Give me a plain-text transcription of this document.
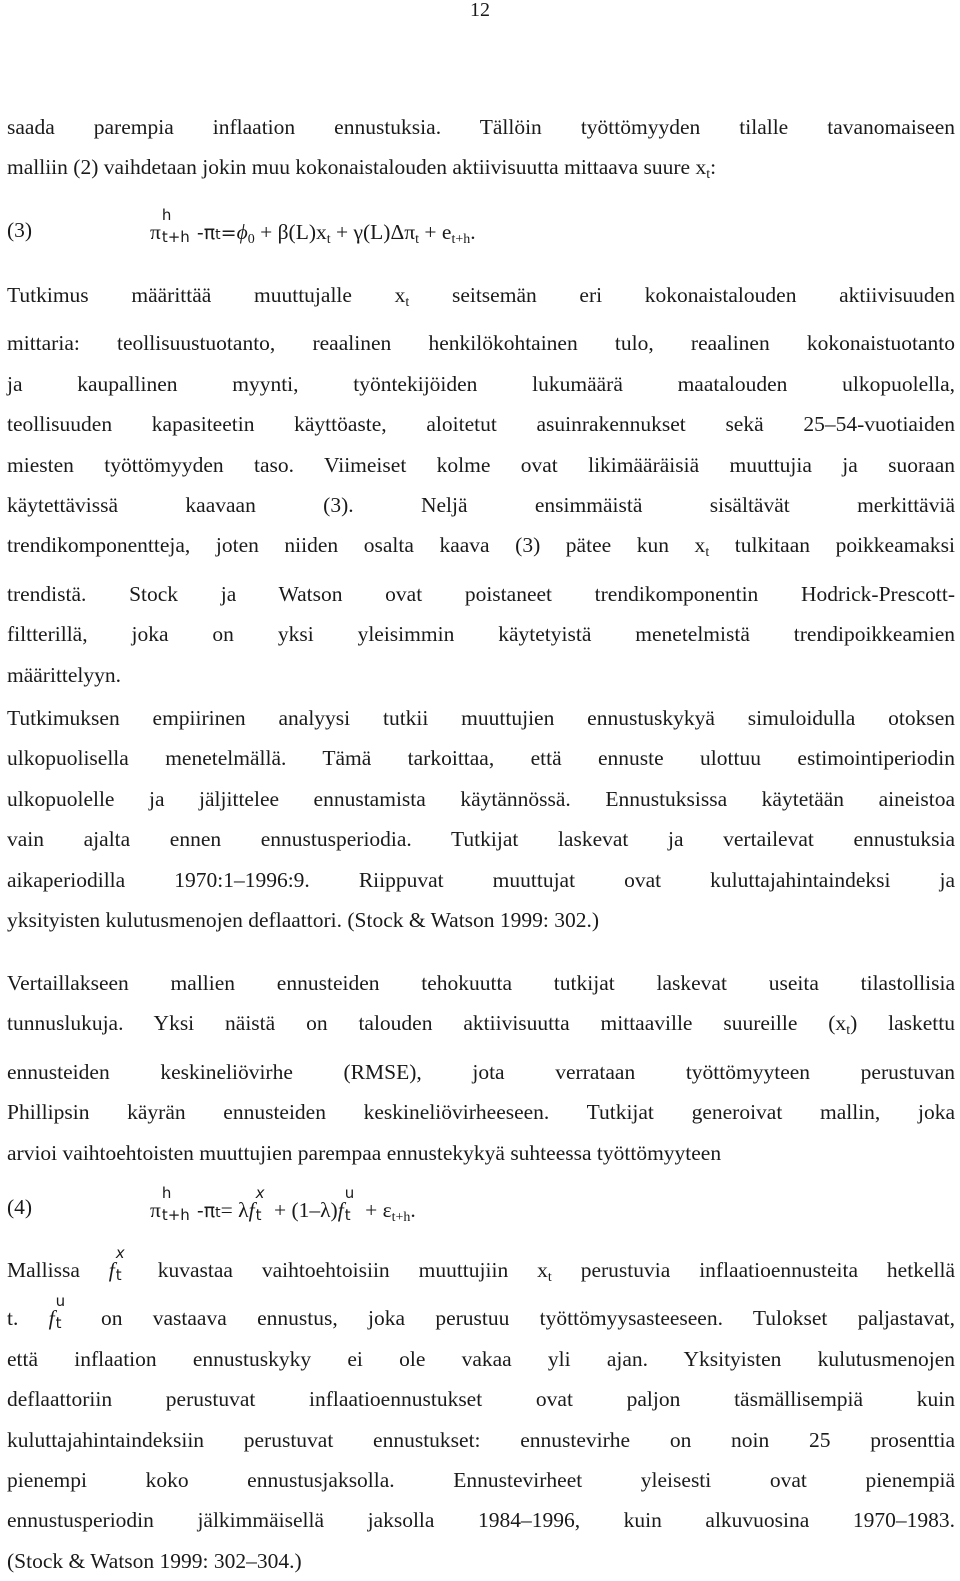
12
saada parempia inflaation ennustuksia. Tällöin työttömyyden tilalle tavanomaiseen
malliin (2) vaihdetaan jokin muu kokonaistalouden aktiivisuutta mittaava suure $x_t$:
(3)	π
h
t+h $-\pi t=\phi_0 + \beta(L)x_t + \gamma(L)\Delta\pi_t + e_{t+h}$.
Tutkimus määrittää muuttujalle $x_t$ seitsemän eri kokonaistalouden aktiivisuuden
mittaria: teollisuustuotanto, reaalinen henkilökohtainen tulo, reaalinen kokonaistuotanto
ja kaupallinen myynti, työntekijöiden lukumäärä maatalouden ulkopuolella,
teollisuuden kapasiteetin käyttöaste, aloitetut asuinrakennukset sekä 25–54-vuotiaiden
miesten työttömyyden taso. Viimeiset kolme ovat likimääräisiä muuttujia ja suoraan
käytettävissä kaavaan (3). Neljä ensimmäistä sisältävät merkittäviä
trendikomponentteja, joten niiden osalta kaava (3) pätee kun $x_t$ tulkitaan poikkeamaksi
trendistä. Stock ja Watson ovat poistaneet trendikomponentin Hodrick-Prescott-
filtterillä, joka on yksi yleisimmin käytetyistä menetelmistä trendipoikkeamien
määrittelyyn.
Tutkimuksen empiirinen analyysi tutkii muuttujien ennustuskykyä simuloidulla otoksen
ulkopuolisella menetelmällä. Tämä tarkoittaa, että ennuste ulottuu estimointiperiodin
ulkopuolelle ja jäljittelee ennustamista käytännössä. Ennustuksissa käytetään aineistoa
vain ajalta ennen ennustusperiodia. Tutkijat laskevat ja vertailevat ennustuksia
aikaperiodilla 1970:1–1996:9. Riippuvat muuttujat ovat kuluttajahintaindeksi ja
yksityisten kulutusmenojen deflaattori. (Stock & Watson 1999: 302.)
Vertaillakseen mallien ennusteiden tehokuutta tutkijat laskevat useita tilastollisia
tunnuslukuja. Yksi näistä on talouden aktiivisuutta mittaaville suureille $(x_t)$ laskettu
ennusteiden keskineliövirhe (RMSE), jota verrataan työttömyyteen perustuvan
Phillipsin käyrän ennusteiden keskineliövirheeseen. Tutkijat generoivat mallin, joka
arvioi vaihtoehtoisten muuttujien parempaa ennustekykyä suhteessa työttömyyteen
(4)	π
h
t+h -πt= λf
x
t + (1–λ)f
u
$t + \varepsilon_{t+h}$.
Mallissa f
x
t kuvastaa vaihtoehtoisiin muuttujiin $x_t$ perustuvia inflaatioennusteita hetkellä
t. f
u
t on vastaava ennustus, joka perustuu työttömyysasteeseen. Tulokset paljastavat,
että inflaation ennustuskyky ei ole vakaa yli ajan. Yksityisten kulutusmenojen
deflaattoriin perustuvat inflaatioennustukset ovat paljon täsmällisempiä kuin
kuluttajahintaindeksiin perustuvat ennustukset: ennustevirhe on noin 25 prosenttia
pienempi koko ennustusjaksolla. Ennustevirheet yleisesti ovat pienempiä
ennustusperiodin jälkimmäisellä jaksolla 1984–1996, kuin alkuvuosina 1970–1983.
(Stock & Watson 1999: 302–304.)
